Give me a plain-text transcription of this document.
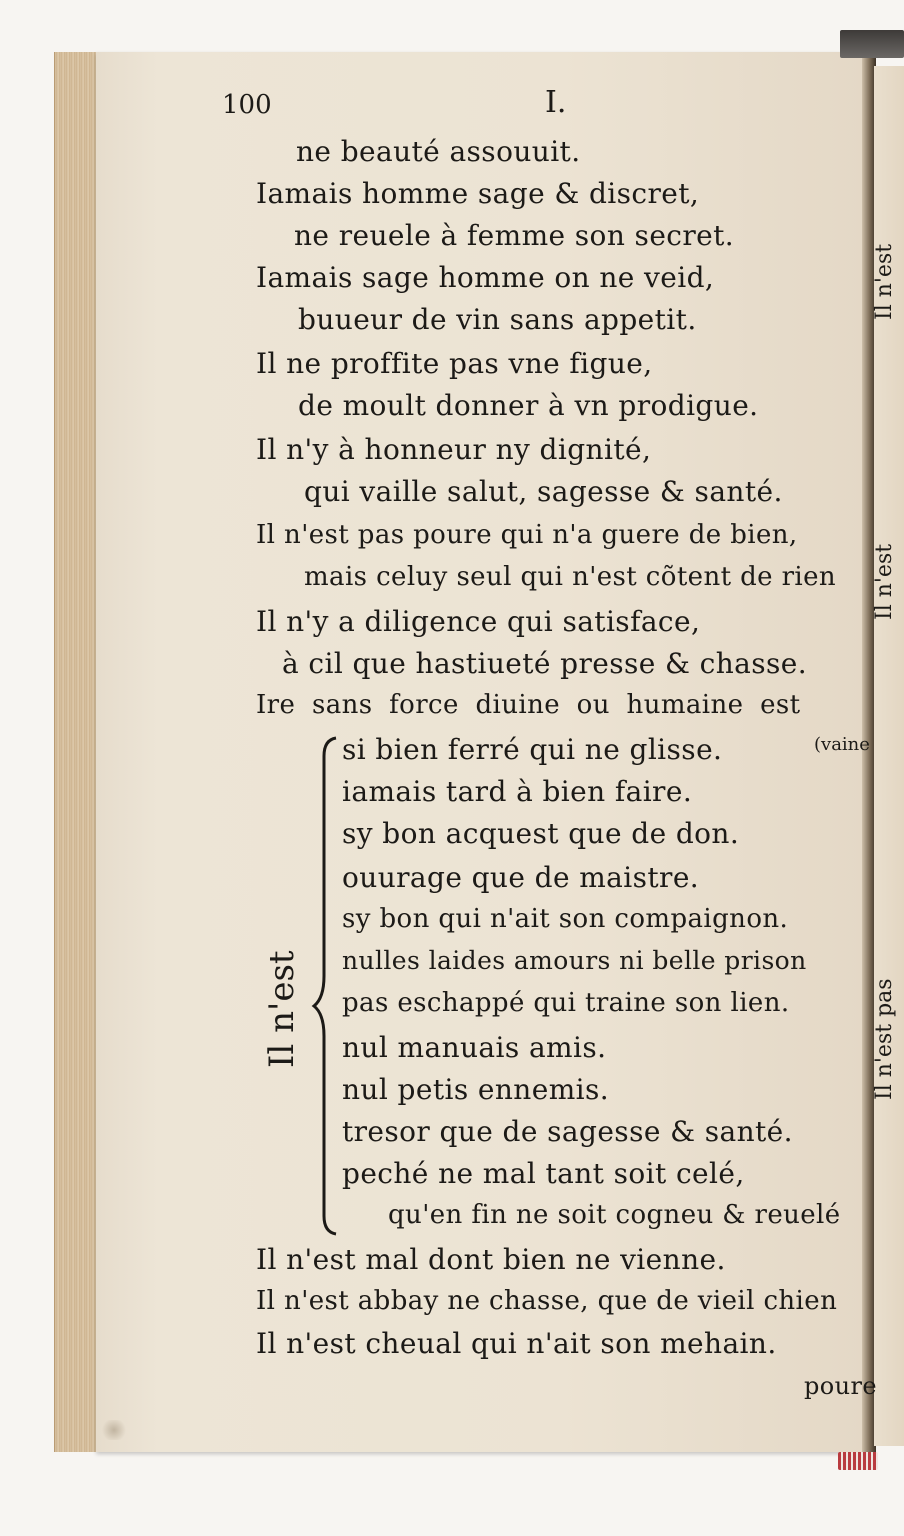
100	I.
ne beauté assouuit.
Iamais homme sage & discret,
ne reuele à femme son secret.
Iamais sage homme on ne veid,
buueur de vin sans appetit.
Il ne proffite pas vne figue,
de moult donner à vn prodigue.
Il n'y à honneur ny dignité,
qui vaille salut, sagesse & santé.
Il n'est pas poure qui n'a guere de bien,
mais celuy seul qui n'est cõtent de rien
Il n'y a diligence qui satisface,
à cil que hastiueté presse & chasse.
Ire sans force diuine ou humaine est
(vaine
Il n'est
si bien ferré qui ne glisse.
iamais tard à bien faire.
sy bon acquest que de don.
ouurage que de maistre.
sy bon qui n'ait son compaignon.
nulles laides amours ni belle prison
pas eschappé qui traine son lien.
nul manuais amis.
nul petis ennemis.
tresor que de sagesse & santé.
peché ne mal tant soit celé,
qu'en fin ne soit cogneu & reuelé
Il n'est mal dont bien ne vienne.
Il n'est abbay ne chasse, que de vieil chien
Il n'est cheual qui n'ait son mehain.
poure
Il n'est
Il n'est
Il n'est pas
